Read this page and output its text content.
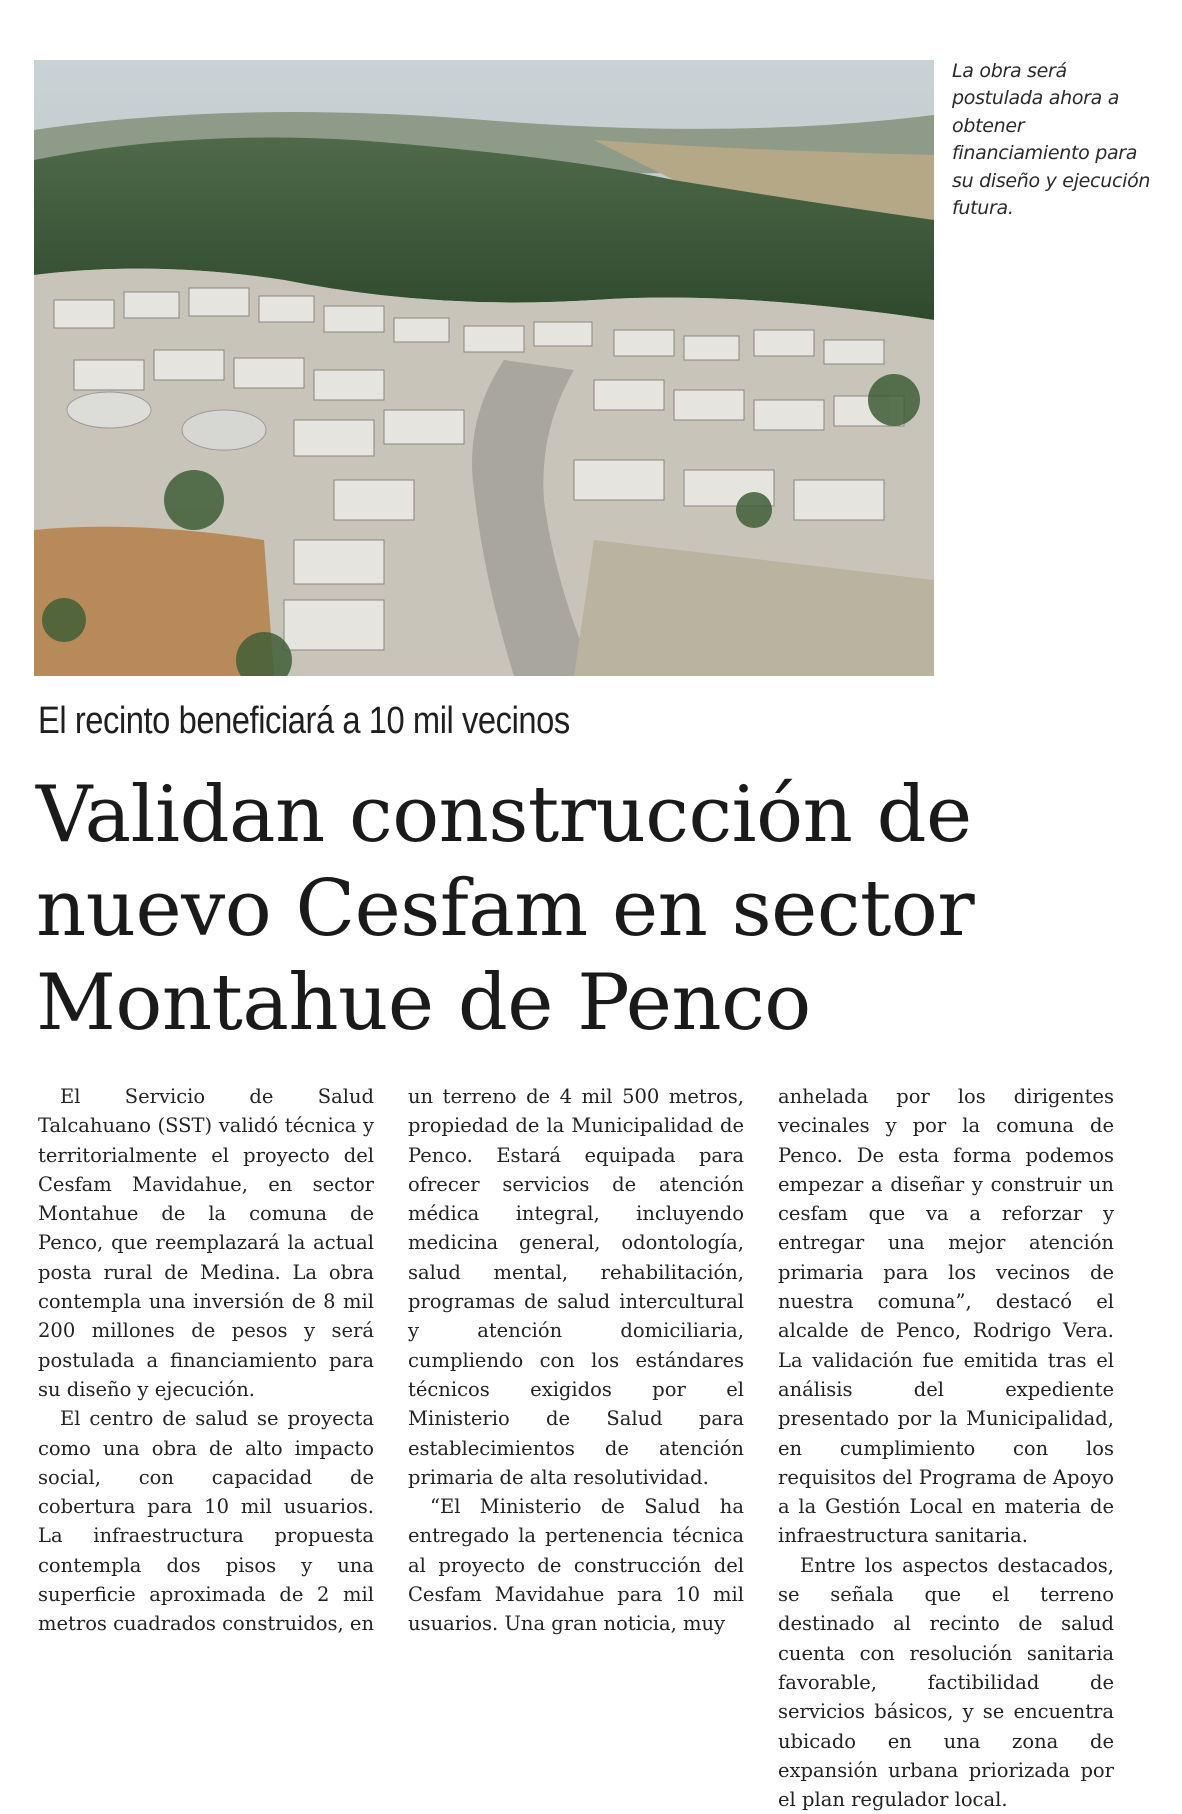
La obra será postulada ahora a obtener financiamiento para su diseño y ejecución futura.
El recinto beneficiará a 10 mil vecinos
Validan construcción de
nuevo Cesfam en sector
Montahue de Penco

El Servicio de Salud Talcahuano (SST) validó técnica y territorialmente el proyecto del Cesfam Mavidahue, en sector Montahue de la comuna de Penco, que reemplazará la actual posta rural de Medina. La obra contempla una inversión de 8 mil 200 millones de pesos y será postulada a financiamiento para su diseño y ejecución.

El centro de salud se proyecta como una obra de alto impacto social, con capacidad de cobertura para 10 mil usuarios. La infraestructura propuesta contempla dos pisos y una superficie aproximada de 2 mil metros cuadrados construidos, en

un terreno de 4 mil 500 metros, propiedad de la Municipalidad de Penco. Estará equipada para ofrecer servicios de atención médica integral, incluyendo medicina general, odontología, salud mental, rehabilitación, programas de salud intercultural y atención domiciliaria, cumpliendo con los estándares técnicos exigidos por el Ministerio de Salud para establecimientos de atención primaria de alta resolutividad.

“El Ministerio de Salud ha entregado la pertenencia técnica al proyecto de construcción del Cesfam Mavidahue para 10 mil usuarios. Una gran noticia, muy

anhelada por los dirigentes vecinales y por la comuna de Penco. De esta forma podemos empezar a diseñar y construir un cesfam que va a reforzar y entregar una mejor atención primaria para los vecinos de nuestra comuna”, destacó el alcalde de Penco, Rodrigo Vera. La validación fue emitida tras el análisis del expediente presentado por la Municipalidad, en cumplimiento con los requisitos del Programa de Apoyo a la Gestión Local en materia de infraestructura sanitaria.

Entre los aspectos destacados, se señala que el terreno destinado al recinto de salud cuenta con resolución sanitaria favorable, factibilidad de servicios básicos, y se encuentra ubicado en una zona de expansión urbana priorizada por el plan regulador local.
